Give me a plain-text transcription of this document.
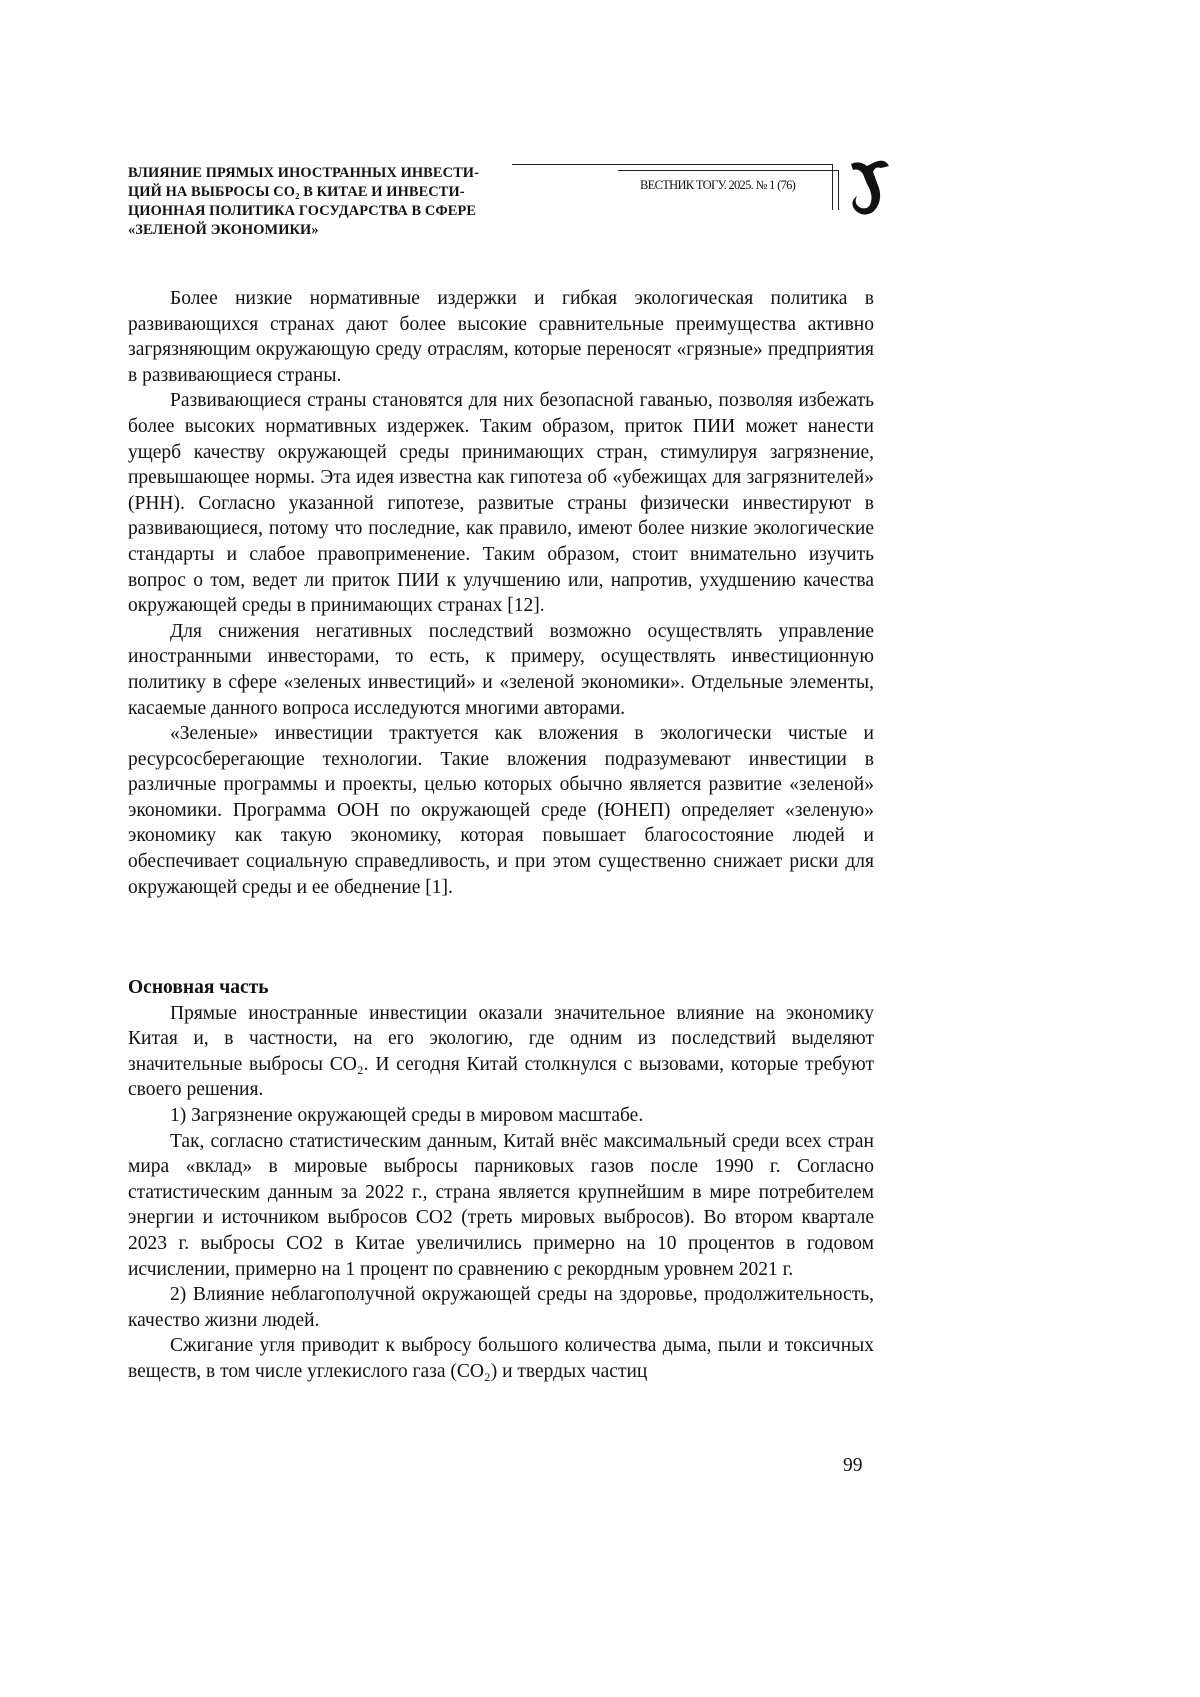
ВЛИЯНИЕ ПРЯМЫХ ИНОСТРАННЫХ ИНВЕСТИ-
ЦИЙ НА ВЫБРОСЫ СО₂ В КИТАЕ И ИНВЕСТИ-
ЦИОННАЯ ПОЛИТИКА ГОСУДАРСТВА В СФЕРЕ
«ЗЕЛЕНОЙ ЭКОНОМИКИ»
ВЕСТНИК ТОГУ. 2025. № 1 (76)

Более низкие нормативные издержки и гибкая экологическая политика в развивающихся странах дают более высокие сравнительные преимущества активно загрязняющим окружающую среду отраслям, которые переносят «грязные» предприятия в развивающиеся страны.

Развивающиеся страны становятся для них безопасной гаванью, позволяя избежать более высоких нормативных издержек. Таким образом, приток ПИИ может нанести ущерб качеству окружающей среды принимающих стран, стимулируя загрязнение, превышающее нормы. Эта идея известна как гипотеза об «убежищах для загрязнителей» (PHH). Согласно указанной гипотезе, развитые страны физически инвестируют в развивающиеся, потому что последние, как правило, имеют более низкие экологические стандарты и слабое правоприменение. Таким образом, стоит внимательно изучить вопрос о том, ведет ли приток ПИИ к улучшению или, напротив, ухудшению качества окружающей среды в принимающих странах [12].

Для снижения негативных последствий возможно осуществлять управление иностранными инвесторами, то есть, к примеру, осуществлять инвестиционную политику в сфере «зеленых инвестиций» и «зеленой экономики». Отдельные элементы, касаемые данного вопроса исследуются многими авторами.

«Зеленые» инвестиции трактуется как вложения в экологически чистые и ресурсосберегающие технологии. Такие вложения подразумевают инвестиции в различные программы и проекты, целью которых обычно является развитие «зеленой» экономики. Программа ООН по окружающей среде (ЮНЕП) определяет «зеленую» экономику как такую экономику, которая повышает благосостояние людей и обеспечивает социальную справедливость, и при этом существенно снижает риски для окружающей среды и ее обеднение [1].

Основная часть

Прямые иностранные инвестиции оказали значительное влияние на экономику Китая и, в частности, на его экологию, где одним из последствий выделяют значительные выбросы СО₂. И сегодня Китай столкнулся с вызовами, которые требуют своего решения.

1) Загрязнение окружающей среды в мировом масштабе.

Так, согласно статистическим данным, Китай внёс максимальный среди всех стран мира «вклад» в мировые выбросы парниковых газов после 1990 г. Согласно статистическим данным за 2022 г., страна является крупнейшим в мире потребителем энергии и источником выбросов СО2 (треть мировых выбросов). Во втором квартале 2023 г. выбросы СО2 в Китае увеличились примерно на 10 процентов в годовом исчислении, примерно на 1 процент по сравнению с рекордным уровнем 2021 г.

2) Влияние неблагополучной окружающей среды на здоровье, продолжительность, качество жизни людей.

Сжигание угля приводит к выбросу большого количества дыма, пыли и токсичных веществ, в том числе углекислого газа (СО₂) и твердых частиц

99
